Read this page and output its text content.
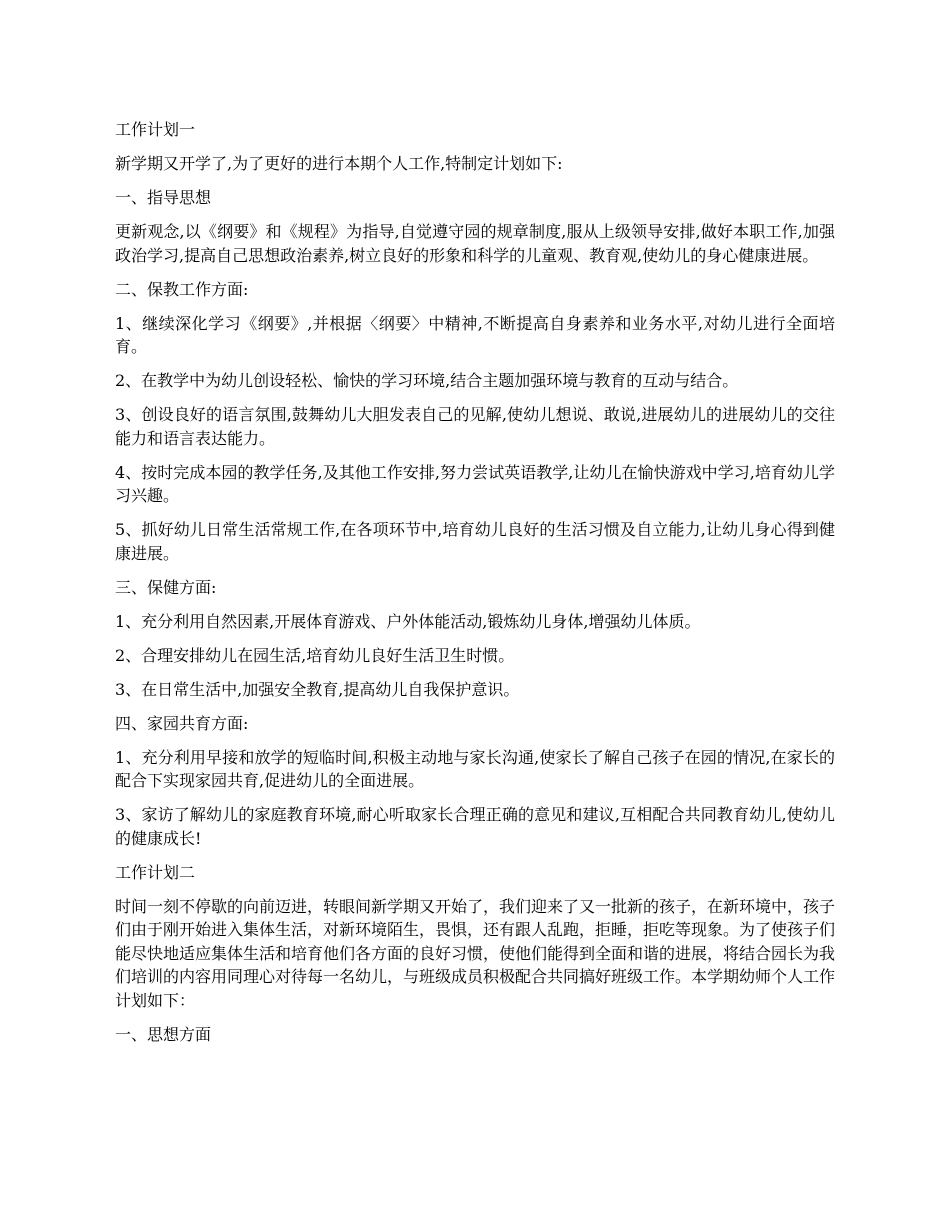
工作计划一

新学期又开学了,为了更好的进行本期个人工作,特制定计划如下:

一、指导思想

更新观念,以《纲要》和《规程》为指导,自觉遵守园的规章制度,服从上级领导安排,做好本职工作,加强政治学习,提高自己思想政治素养,树立良好的形象和科学的儿童观、教育观,使幼儿的身心健康进展。

二、保教工作方面:

1、继续深化学习《纲要》,并根据〈纲要〉中精神,不断提高自身素养和业务水平,对幼儿进行全面培育。

2、在教学中为幼儿创设轻松、愉快的学习环境,结合主题加强环境与教育的互动与结合。

3、创设良好的语言氛围,鼓舞幼儿大胆发表自己的见解,使幼儿想说、敢说,进展幼儿的进展幼儿的交往能力和语言表达能力。

4、按时完成本园的教学任务,及其他工作安排,努力尝试英语教学,让幼儿在愉快游戏中学习,培育幼儿学习兴趣。

5、抓好幼儿日常生活常规工作,在各项环节中,培育幼儿良好的生活习惯及自立能力,让幼儿身心得到健康进展。

三、保健方面:

1、充分利用自然因素,开展体育游戏、户外体能活动,锻炼幼儿身体,增强幼儿体质。

2、合理安排幼儿在园生活,培育幼儿良好生活卫生时惯。

3、在日常生活中,加强安全教育,提高幼儿自我保护意识。

四、家园共育方面:

1、充分利用早接和放学的短临时间,积极主动地与家长沟通,使家长了解自己孩子在园的情况,在家长的配合下实现家园共育,促进幼儿的全面进展。

3、家访了解幼儿的家庭教育环境,耐心听取家长合理正确的意见和建议,互相配合共同教育幼儿,使幼儿的健康成长!

工作计划二

时间一刻不停歇的向前迈进，转眼间新学期又开始了，我们迎来了又一批新的孩子，在新环境中，孩子们由于刚开始进入集体生活，对新环境陌生，畏惧，还有跟人乱跑，拒睡，拒吃等现象。为了使孩子们能尽快地适应集体生活和培育他们各方面的良好习惯，使他们能得到全面和谐的进展，将结合园长为我们培训的内容用同理心对待每一名幼儿，与班级成员积极配合共同搞好班级工作。本学期幼师个人工作计划如下：

一、思想方面
